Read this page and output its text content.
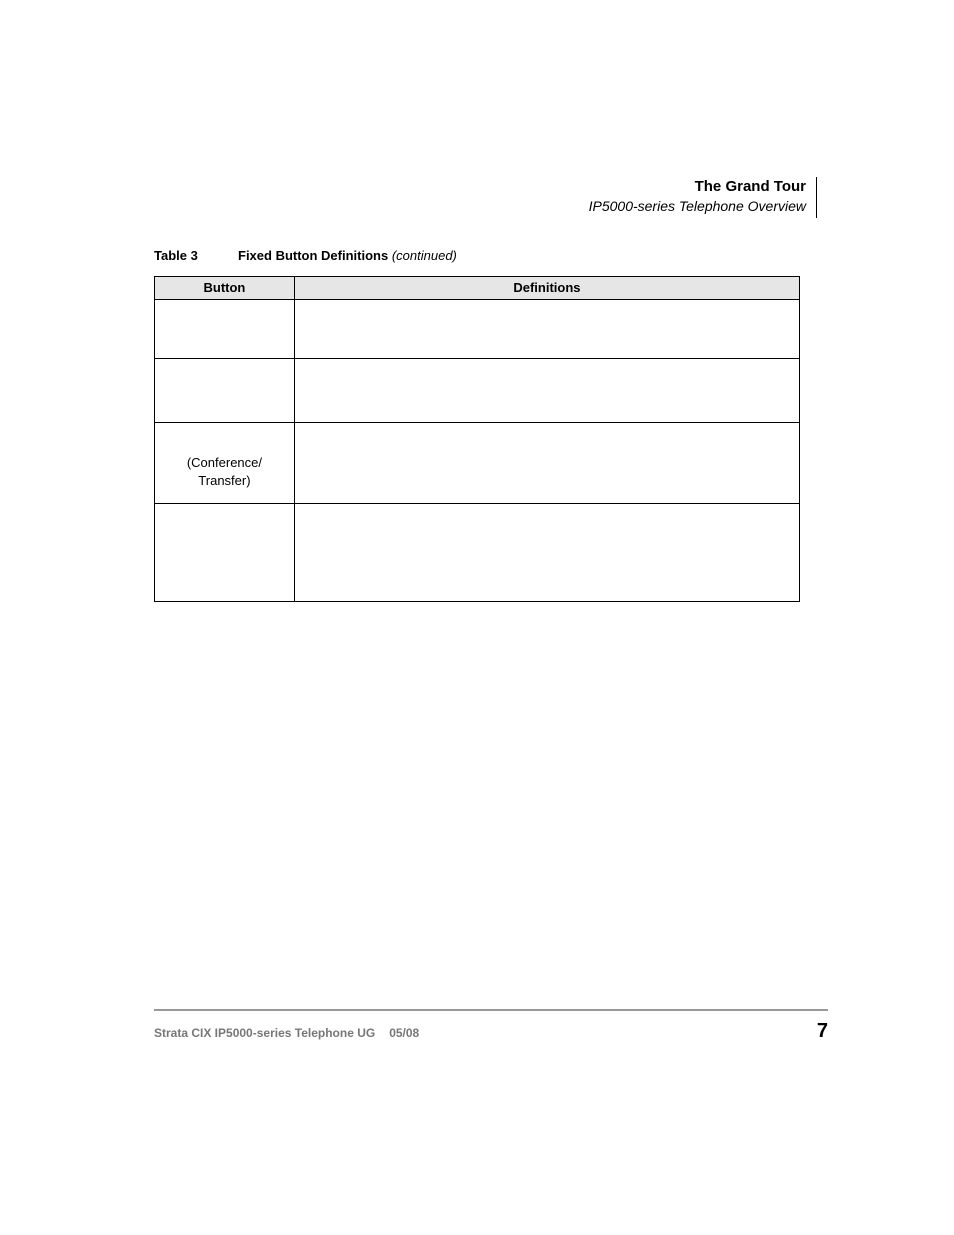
The Grand Tour
IP5000-series Telephone Overview
Table 3	Fixed Button Definitions (continued)
Button	Definitions

(Conference/
Transfer)	

Strata CIX IP5000-series Telephone UG 05/08	7
